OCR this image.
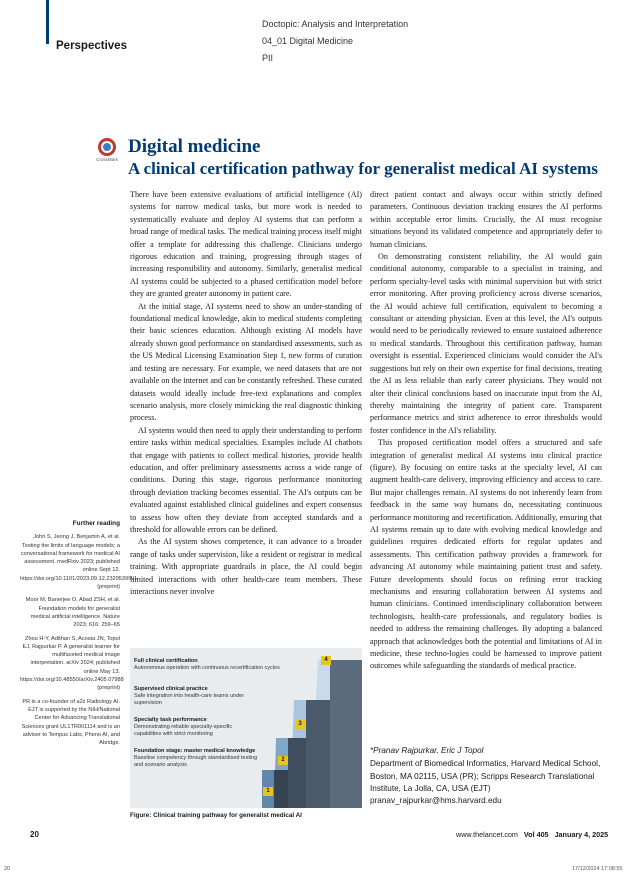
Perspectives
Doctopic: Analysis and Interpretation
04_01 Digital Medicine
PII
CrossMark
Digital medicine
A clinical certification pathway for generalist medical AI systems

There have been extensive evaluations of artificial intelligence (AI) systems for narrow medical tasks, but more work is needed to systematically evaluate and deploy AI systems that can perform a broad range of medical tasks. The medical training process itself might offer a template for addressing this challenge. Clinicians undergo rigorous education and training, progressing through stages of increasing responsibility and autonomy. Similarly, generalist medical AI systems could be subjected to a phased certification model before they are granted greater autonomy in patient care.

At the initial stage, AI systems need to show an under-standing of foundational medical knowledge, akin to medical students completing their basic sciences education. Although existing AI models have already shown good performance on standardised assessments, such as the US Medical Licensing Examination Step 1, new forms of curation and testing are necessary. For example, we need datasets that are not available on the internet and can be constantly refreshed. These curated datasets would ideally include free-text explanations and complex scenario analysis, more closely mimicking the real diagnostic thinking process.

AI systems would then need to apply their understanding to perform entire tasks within medical specialties. Examples include AI chatbots that engage with patients to collect medical histories, provide health education, and offer preliminary assessments across a wide range of conditions. During this stage, rigorous performance monitoring through deviation tracking becomes essential. The AI's outputs can be evaluated against established clinical guidelines and expert consensus to assess how often they deviate from accepted standards and a threshold for allowable errors can be defined.

As the AI system shows competence, it can advance to a broader range of tasks under supervision, like a resident or registrar in medical training. With appropriate guardrails in place, the AI could begin limited interactions with other health-care team members. These interactions never involve

direct patient contact and always occur within strictly defined parameters. Continuous deviation tracking ensures the AI performs within acceptable error limits. Crucially, the AI must recognise situations beyond its validated competence and appropriately defer to human clinicians.

On demonstrating consistent reliability, the AI would gain conditional autonomy, comparable to a specialist in training, and perform specialty-level tasks with minimal supervision but with strict error monitoring. After proving proficiency across diverse scenarios, the AI would achieve full certification, equivalent to becoming a consultant or attending physician. Even at this level, the AI's outputs would need to be periodically reviewed to ensure sustained adherence to medical standards. Throughout this certification pathway, human oversight is essential. Experienced clinicians would consider the AI's suggestions but rely on their own expertise for final decisions, treating the AI as less reliable than early career physicians. They would not alter their clinical conclusions based on inaccurate input from the AI, thereby maintaining the integrity of patient care. Transparent performance metrics and strict adherence to error thresholds would foster confidence in the AI's reliability.

This proposed certification model offers a structured and safe integration of generalist medical AI systems into clinical practice (figure). By focusing on entire tasks at the specialty level, AI can augment health-care delivery, improving efficiency and access to care. But major challenges remain. AI systems do not inherently learn from feedback in the same way humans do, necessitating continuous performance monitoring and recertification. Additionally, ensuring that AI systems remain up to date with evolving medical knowledge and guidelines requires dedicated efforts for regular updates and assessments. This certification pathway provides a framework for advancing AI autonomy while maintaining patient trust and safety. Future developments should focus on refining error tracking mechanisms and ensuring collaboration between AI systems and human clinicians. Continued interdisciplinary collaboration between technologists, health-care professionals, and regulatory bodies is needed to address the remaining challenges. By adopting a balanced approach that acknowledges both the potential and limitations of AI in medicine, these techno-logies could be harnessed to improve patient outcomes while safeguarding the standards of medical practice.

Further reading

Johri S, Jeong J, Benjamin A, et al. Testing the limits of language models: a conversational framework for medical AI assessment. medRxiv 2023; published online Sept 12. https://doi.org/10.1101/2023.09.12.23295399v1 (preprint)

Moor M, Banerjee O, Abad ZSH, et al. Foundation models for generalist medical artificial intelligence. Nature 2023; 616: 259–65

Zhou H-Y, Adithan S, Acosta JN, Topol EJ, Rajpurkar P. A generalist learner for multifaceted medical image interpretation. arXiv 2024; published online May 13. https://doi.org/10.48550/arXiv.2405.07988 (preprint)

PR is a co-founder of a2z Radiology AI. EJT is supported by the NIH/National Center for Advancing Translational Sciences grant UL1TR001114 and is an adviser to Tempus Labs, Pheno AI, and Abridge.

Full clinical certification
Autonomous operation with continuous recertification cycles
Supervised clinical practice
Safe integration into health-care teams under supervision
Specialty task performance
Demonstrating reliable specialty-specific capabilities with strict monitoring
Foundation stage: master medical knowledge
Baseline competency through standardised testing and scenario analysis
4
3
2
1
Figure: Clinical training pathway for generalist medical AI
*Pranav Rajpurkar, Eric J Topol
Department of Biomedical Informatics, Harvard Medical School,
Boston, MA 02115, USA (PR); Scripps Research Translational
Institute, La Jolla, CA, USA (EJT)
pranav_rajpurkar@hms.harvard.edu
20	www.thelancet.com Vol 405 January 4, 2025
20	17/12/2024 17:08:55
